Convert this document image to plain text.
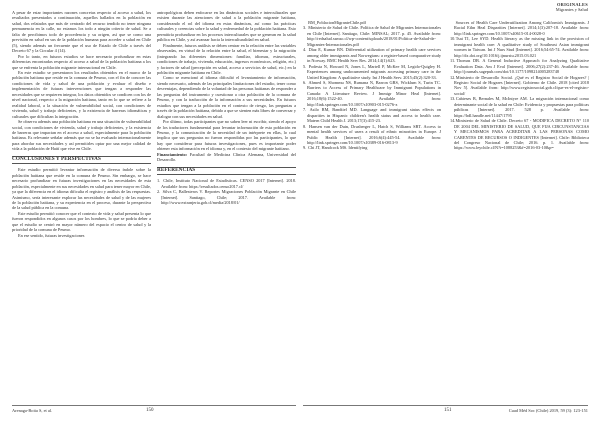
A pesar de estar importantes razones concretas respecto al acceso a salud, los resultados presentados a continuación, aquellos hallados en la población en salud, dos relatados que más de centrado del recurso tendido no tener ninguna permanencia en la calle, no estamos los todo a ningún criterio de salud. Se a falta de percibimos todo de procedencia y su origen, así que se como una previsión en salud en sus de la población humana para acceder a salud en Chile (5), siendo además un frecuente que el uso de Estado de Chile a través del Decreto 67 y la Circular 4 (14).

Por lo tanto, en futuros estudios se hace necesario profundizar en estas diferencias encontradas respecto al acceso a salud de la población haitiana a los que se enfrenta la población migrante internacional en Chile.

En este estudio se presentaron los resultados obtenidos en el marco de la población haitiana que reside en la comuna de Peumo, con el fin de conocer las condiciones de vida y salud de una población y evaluar el diseño e implementación de futuras intervenciones que tengan a responder las necesidades que se requieren integrar, los datos obtenidos se condicen con los de nivel nacional, respecto a la migración haitiana, tanto en lo que se refiere a la realidad laboral, a la situación de vulnerabilidad social, con condiciones de vivienda, salud y trabajo deficientes, y la existencia de barreras idiomáticas y culturales que dificultan la integración.

Se observa además una población haitiana en una situación de vulnerabilidad social, con condiciones de vivienda, salud y trabajo deficientes, y la existencia de barreras que impactan en el acceso a salud, especialmente para la población haitiana. Es relevante señalar además que no se ha evaluado internacionalmente para abordar sus necesidades y así permitirles optar por una mejor calidad de vida a la población de Haití que vive en Chile.

CONCLUSIONES Y PERSPECTIVAS

Este estudio permitió levantar información de diversa índole sobre la población haitiana que reside en la comuna de Peumo. Sin embargo, se hace necesario profundizar en futuras investigaciones en las necesidades de esta población, especialmente en sus necesidades en salud para tener mayor en Chile, ya que la diferencia en el idioma dificulta el registro y análisis de las respuestas. Asimismo, sería interesante explorar las necesidades de salud y de las mujeres de la población haitiana, y su experiencia en el proceso, durante la perspectiva de la salud pública en la comuna.

Este estudio permitió conocer que el contexto de vida y salud presenta lo que fueron respondidos en algunos casos por los hombres, lo que se podría deber a que el estudio se centró en mayor número del espacio el centro de salud y la prioridad de la comuna de Peumo.

En ese sentido, futuras investigaciones

antropológicas deben enfocarse en las dinámicas sociales e interculturales que existen durante las atenciones de salud a la población migrante haitiana, considerando el rol del idioma en estas dinámicas, así como las prácticas culturales y creencias sobre la salud y enfermedad de la población haitiana. Esto permitiría profundizar en los procesos interculturales que se generan en la salud pública en Chile, y así avanzar hacia la interculturalidad en salud.

Finalmente, futuros análisis se deben centrar en la relación entre las variables observadas, en virtud de la relación entre la salud, el bienestar y la migración (integrando las diferentes dimensiones: familiar, idiomas, estructurales, condiciones de trabajo, vivienda, educación, ingresos económicos, religión, etc.) y factores de salud (percepción en salud, acceso a servicios de salud, etc.) en la población migrante haitiana en Chile.

Como se mencionó al idioma dificultó el levantamiento de información, siendo necesario, además de las principales limitaciones del estudio, tener como desventajas, dependiendo de la voluntad de las personas haitianas de responder a las preguntas del instrumento y cuestionar a otra población de la comuna de Peumo, y con la traducción de la información a sus necesidades. En futuros estudios que tengan a la población en el contexto de riesgo, las preguntas a través de la población haitiana, debido a que se sienten más libres de conversar y dialogar con sus necesidades en salud.

Por último, todas participantes que no saben leer ni escribir, siendo el apoyo de los traductores fundamental para levantar información de esta población en Peumo, y la comunicación de la necesidad de un intérprete en ellas, lo cual implica que sus preguntas no fueron respondidas por las participantes, lo que hay que considerar para futuras investigaciones, pues es importante poder obtener esta información en el idioma y, en el contexto del migrante haitiano.

Financiamiento: Facultad de Medicina Clínica Alemana, Universidad del Desarrollo.

REFERENCIAS

1. Chile, Instituto Nacional de Estadísticas. CENSO 2017 [Internet]. 2018. Available from: https://resultados.censo2017.cl/

2. Silva C, Ballesteros V. Reportes Migraciones Población Migrante en Chile [Internet]. Santiago, Chile; 2017. Available from: http://www.extranjeria.gob.cl/media/2018/01/

Arenaga-Boita S, et al.	150
ORIGINALES
Migrantes y Salud

BM_PoblacionMigranteChile.pdf

3. Ministerio de Salud de Chile. Política de Salud de Migrantes Internacionales en Chile [Internet]. Santiago, Chile: MINSAL; 2017. p. 45. Available from: http://redsalud.ssmso.cl/wp-content/uploads/2018/01/Politica-de-Salud-de-Migrantes-Internacionales.pdf

4. Díaz E, Kumar BN. Differential utilization of primary health care services among older immigrants and Norwegians: a register-based comparative study in Norway. BMC Health Serv Res. 2014;14(1):623.

5. Podesta N, Howard N, Jones L, Martell P, McKee M, Legido-Quigley H. Experiences among undocumented migrants accessing primary care in the United Kingdom: A qualitative study. Int J Health Serv. 2015;45(2):320-33.

6. Ahmed S, Shommu NS, Rumana N, Barron GRS, Wicklum S, Turin TC. Barriers to Access of Primary Healthcare by Immigrant Populations in Canada: A Literature Review. J Immigr Minor Heal [Internet]. 2016;18(6):1522-40. Available from: http://link.springer.com/10.1007/s10903-015-0276-z

7. Asilo RM, Bandtiel MD. Language and immigrant status effects on disparities in Hispanic children's health status and access to health care. Matern Child Health J. 2013;17(3):415-23.

8. Hansen van der Duin, Drusberger L, Hatch S, Williams SBT. Access to mental health services of users a result of ethnic minorities in Europe. J Public Health [Internet]. 2016;6(4):445-54. Available from: http://link.springer.com/10.1007/s10389-016-0813-9

9. Chi JT, Handcock MS. Identifying

Sources of Health Care Underutilization Among California's Immigrants. J Racial Ethn Heal Disparities [Internet]. 2014;1(3):207-18. Available from: http://link.springer.com/10.1007/s40615-014-0028-0

10. Tsai TI, Lee SYD. Health literacy as the missing link in the provision of immigrant health care: A qualitative study of Southeast Asian immigrant women in Taiwan. Int J Nurs Stud [Internet]. 2016;54:65-74. Available from: http://dx.doi.org/10.1016/j.ijnurstu.2015.03.021

11. Thomas DB. A General Inductive Approach for Analyzing Qualitative Evaluation Data. Am J Eval [Internet]. 2006;27(2):237-46. Available from: http://journals.sagepub.com/doi/10.1177/1098214005283748

12. Ministerio de Desarrollo Social. ¿Qué es el Registro Social de Hogares? | Registro Social de Hogares [Internet]. Gobierno de Chile. 2018 [cited 2018 Nov 5]. Available from: http://www.registrosocial.gob.cl/que-es-el-registro-social/

13. Cabieses B, Bernales M, McIntyre AM. La migración internacional como determinante social de la salud en Chile: Evidencia y propuestas para políticas públicas [Internet]. 2017. 528 p. Available from: https://hdl.handle.net/11447/1795

14. Ministerio de Salud de Chile. Decreto 67 - MODIFICA DECRETO N° 110 DE 2004 DEL MINISTERIO DE SALUD, QUE FIJA CIRCUNSTANCIAS Y MECANISMOS PARA ACREDITAR A LAS PERSONAS COMO CARENTES DE RECURSOS O INDIGENTES [Internet]. Chile: Biblioteca del Congreso Nacional de Chile; 2016. p. 1. Available from: https://www.leychile.cl/N?i=1088253&f=2016-03-10&p=

151	Cuad Méd Soc (Chile) 2019, 59 (3): 123-151
